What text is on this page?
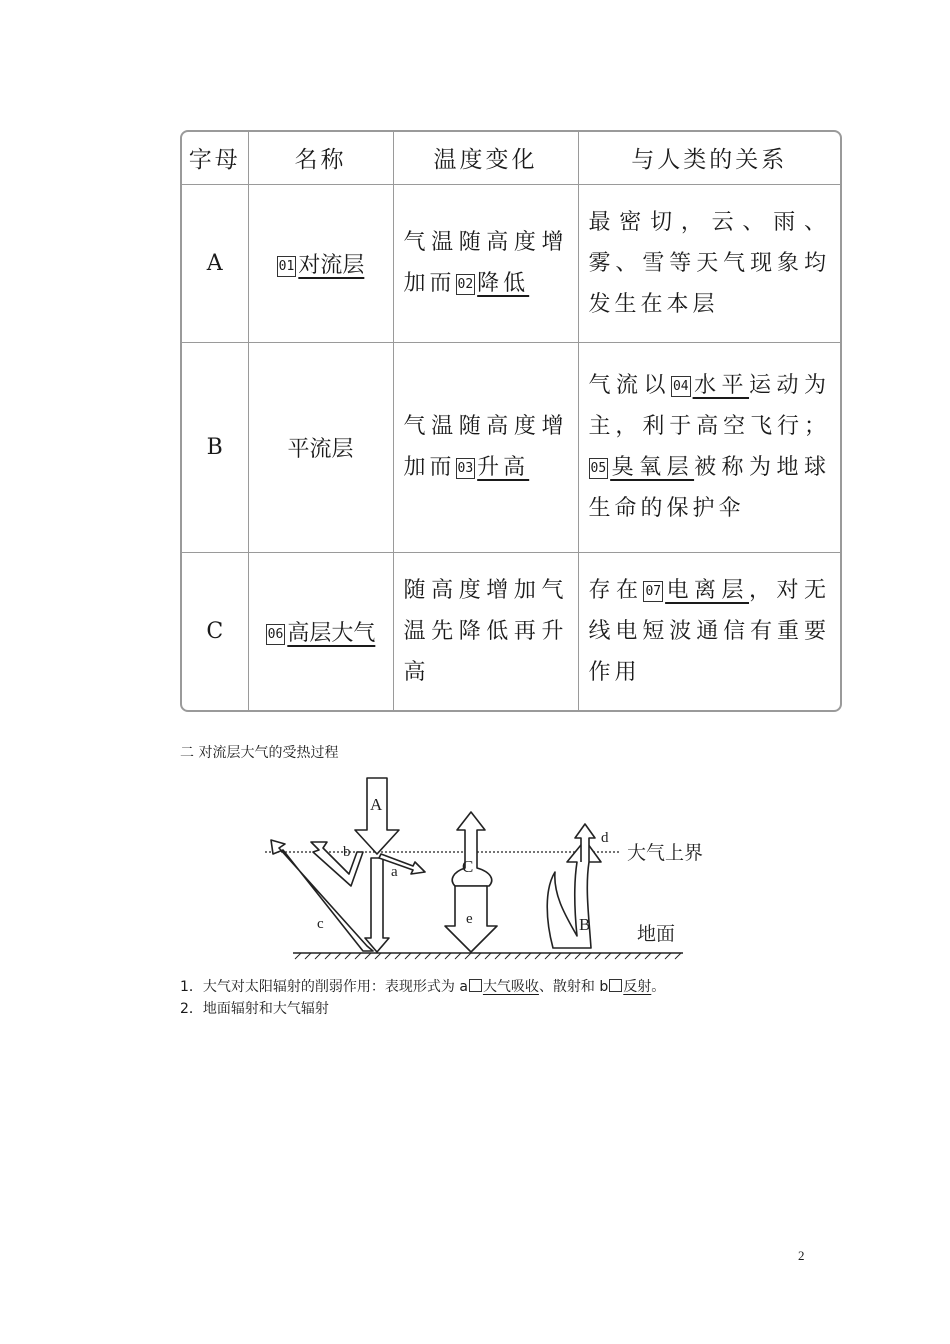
字母	名称	温度变化	与人类的关系
A	01 对流层	气温随高度增加而 02 降低	最密切，云、雨、雾、雪等天气现象均发生在本层
B	平流层	气温随高度增加而 03 升高	气流以 04 水平运动为主，利于高空飞行；05 臭氧层被称为地球生命的保护伞
C	06 高层大气	随高度增加气温先降低再升高	存在 07 电离层，对无线电短波通信有重要作用
二 对流层大气的受热过程
A
a
b
c
C
e
d
B
大气上界
地面
1．大气对太阳辐射的削弱作用：表现形式为 a 大气吸收、散射和 b 反射。
2．地面辐射和大气辐射
2
